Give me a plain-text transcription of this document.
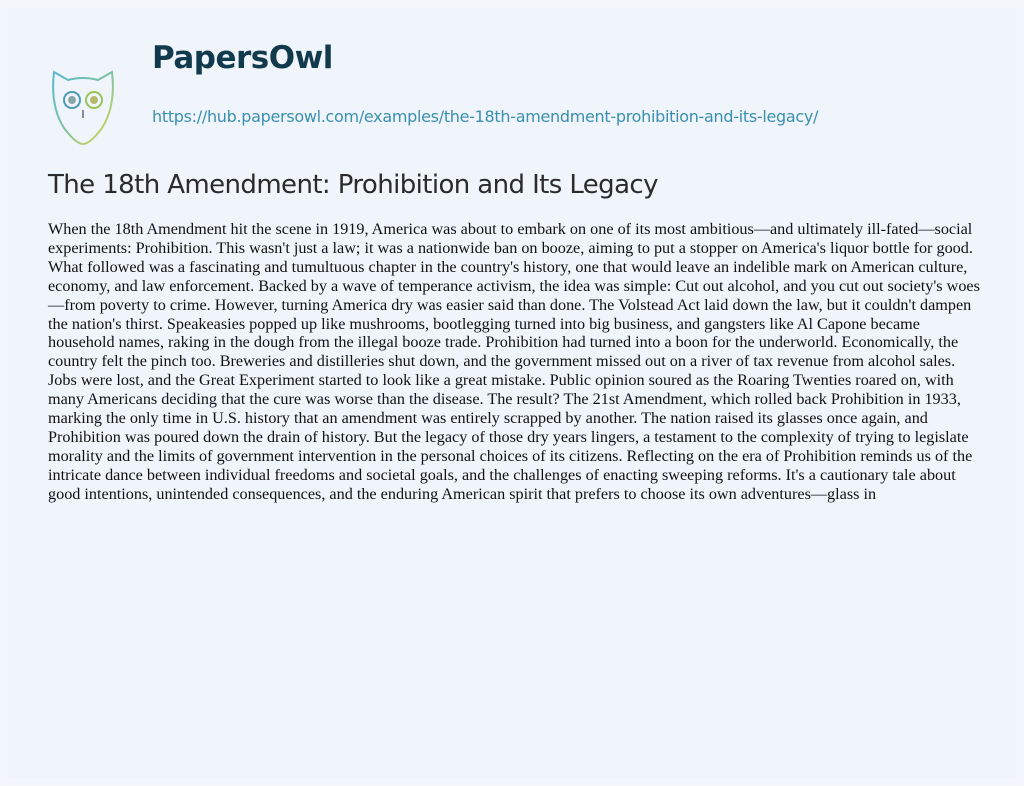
PapersOwl
https://hub.papersowl.com/examples/the-18th-amendment-prohibition-and-its-legacy/
The 18th Amendment: Prohibition and Its Legacy
When the 18th Amendment hit the scene in 1919, America was about to embark on one of its most ambitious—and ultimately ill-fated—social
experiments: Prohibition. This wasn't just a law; it was a nationwide ban on booze, aiming to put a stopper on America's liquor bottle for good.
What followed was a fascinating and tumultuous chapter in the country's history, one that would leave an indelible mark on American culture,
economy, and law enforcement. Backed by a wave of temperance activism, the idea was simple: Cut out alcohol, and you cut out society's woes
—from poverty to crime. However, turning America dry was easier said than done. The Volstead Act laid down the law, but it couldn't dampen
the nation's thirst. Speakeasies popped up like mushrooms, bootlegging turned into big business, and gangsters like Al Capone became
household names, raking in the dough from the illegal booze trade. Prohibition had turned into a boon for the underworld. Economically, the
country felt the pinch too. Breweries and distilleries shut down, and the government missed out on a river of tax revenue from alcohol sales.
Jobs were lost, and the Great Experiment started to look like a great mistake. Public opinion soured as the Roaring Twenties roared on, with
many Americans deciding that the cure was worse than the disease. The result? The 21st Amendment, which rolled back Prohibition in 1933,
marking the only time in U.S. history that an amendment was entirely scrapped by another. The nation raised its glasses once again, and
Prohibition was poured down the drain of history. But the legacy of those dry years lingers, a testament to the complexity of trying to legislate
morality and the limits of government intervention in the personal choices of its citizens. Reflecting on the era of Prohibition reminds us of the
intricate dance between individual freedoms and societal goals, and the challenges of enacting sweeping reforms. It's a cautionary tale about
good intentions, unintended consequences, and the enduring American spirit that prefers to choose its own adventures—glass in
